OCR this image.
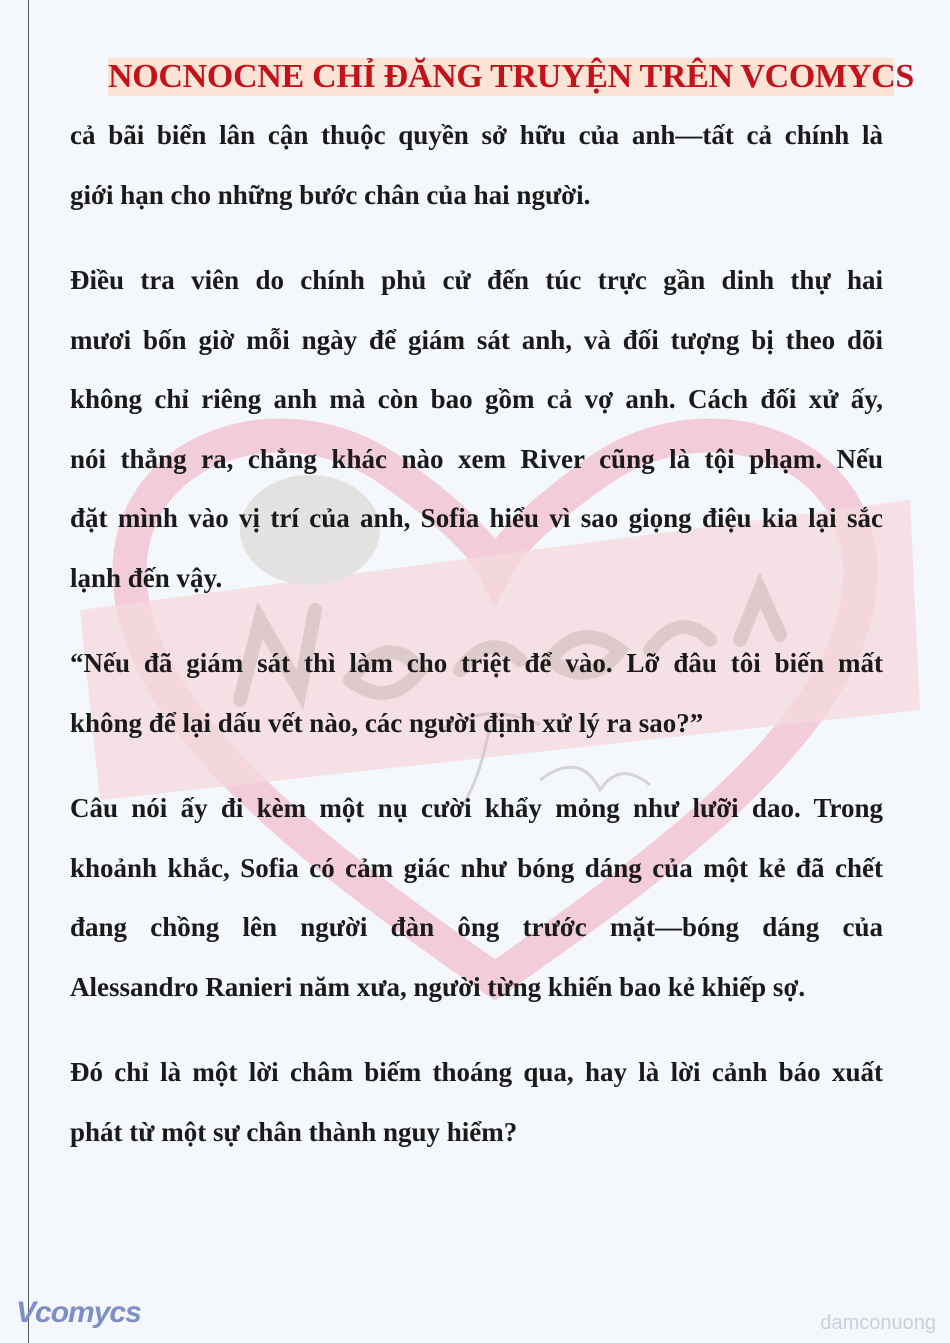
NOCNOCNE CHỈ ĐĂNG TRUYỆN TRÊN VCOMYCS
cả bãi biển lân cận thuộc quyền sở hữu của anh—tất cả chính là
giới hạn cho những bước chân của hai người.
Điều tra viên do chính phủ cử đến túc trực gần dinh thự hai
mươi bốn giờ mỗi ngày để giám sát anh, và đối tượng bị theo dõi
không chỉ riêng anh mà còn bao gồm cả vợ anh. Cách đối xử ấy,
nói thẳng ra, chẳng khác nào xem River cũng là tội phạm. Nếu
đặt mình vào vị trí của anh, Sofia hiểu vì sao giọng điệu kia lại sắc
lạnh đến vậy.
“Nếu đã giám sát thì làm cho triệt để vào. Lỡ đâu tôi biến mất
không để lại dấu vết nào, các người định xử lý ra sao?”
Câu nói ấy đi kèm một nụ cười khẩy mỏng như lưỡi dao. Trong
khoảnh khắc, Sofia có cảm giác như bóng dáng của một kẻ đã chết
đang chồng lên người đàn ông trước mặt—bóng dáng của
Alessandro Ranieri năm xưa, người từng khiến bao kẻ khiếp sợ.
Đó chỉ là một lời châm biếm thoáng qua, hay là lời cảnh báo xuất
phát từ một sự chân thành nguy hiểm?
Vcomycs	damconuong
